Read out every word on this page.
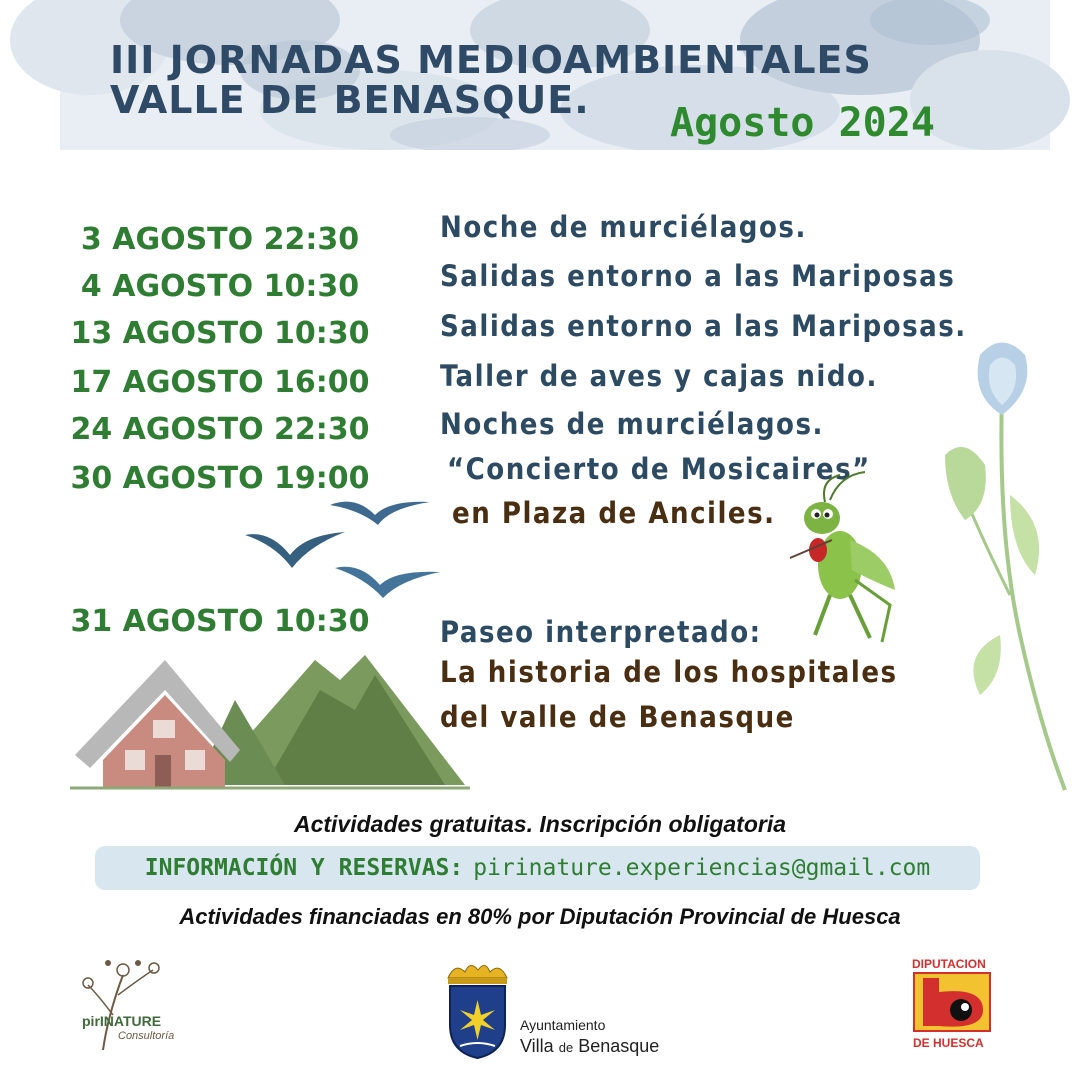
III JORNADAS MEDIOAMBIENTALES
VALLE DE BENASQUE. Agosto 2024
3 AGOSTO 22:30
4 AGOSTO 10:30
13 AGOSTO 10:30
17 AGOSTO 16:00
24 AGOSTO 22:30
30 AGOSTO 19:00
31 AGOSTO 10:30
Noche de murciélagos.
Salidas entorno a las Mariposas
Salidas entorno a las Mariposas.
Taller de aves y cajas nido.
Noches de murciélagos.
“Concierto de Mosicaires”
en Plaza de Anciles.
Paseo interpretado:
La historia de los hospitales
del valle de Benasque
Actividades gratuitas. Inscripción obligatoria
INFORMACIÓN Y RESERVAS: pirinature.experiencias@gmail.com
Actividades financiadas en 80% por Diputación Provincial de Huesca
pirINATURE
Consultoría
Ayuntamiento
Villa de Benasque
DIPUTACION
DE HUESCA
